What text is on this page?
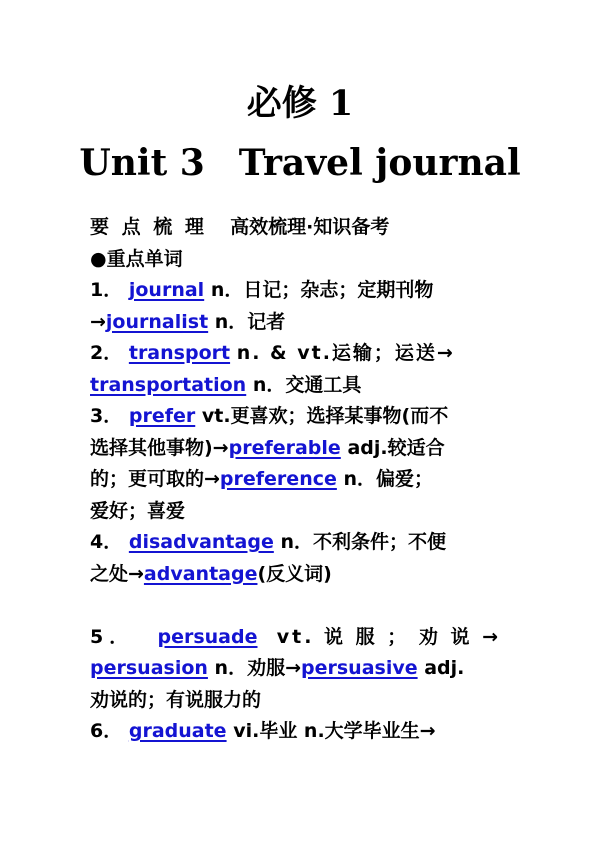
必修 1
Unit 3 Travel journal
要 点 梳 理 高效梳理·知识备考
●重点单词
1． journal n．日记；杂志；定期刊物
→journalist n．记者
2． transport n. & vt.运输；运送→
transportation n．交通工具
3． prefer vt.更喜欢；选择某事物(而不
选择其他事物)→preferable adj.较适合
的；更可取的→preference n．偏爱；
爱好；喜爱
4． disadvantage n．不利条件；不便
之处→advantage(反义词)
5． persuade vt. 说 服 ； 劝 说 →
persuasion n．劝服→persuasive adj.
劝说的；有说服力的
6． graduate vi.毕业 n.大学毕业生→
